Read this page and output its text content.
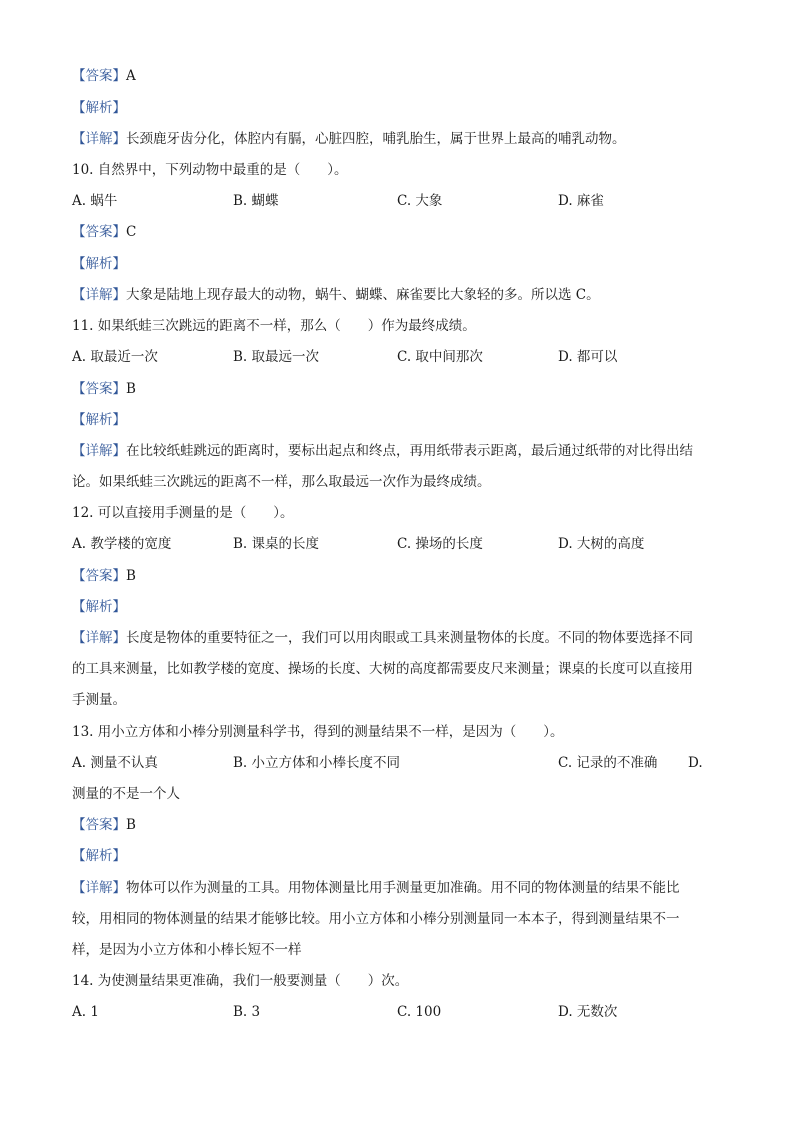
【答案】A
【解析】
【详解】长颈鹿牙齿分化，体腔内有膈，心脏四腔，哺乳胎生，属于世界上最高的哺乳动物。
10. 自然界中，下列动物中最重的是（　　）。
A. 蜗牛	B. 蝴蝶	C. 大象	D. 麻雀
【答案】C
【解析】
【详解】大象是陆地上现存最大的动物，蜗牛、蝴蝶、麻雀要比大象轻的多。所以选 C。
11. 如果纸蛙三次跳远的距离不一样，那么（　　）作为最终成绩。
A. 取最近一次	B. 取最远一次	C. 取中间那次	D. 都可以
【答案】B
【解析】
【详解】在比较纸蛙跳远的距离时，要标出起点和终点，再用纸带表示距离，最后通过纸带的对比得出结
论。如果纸蛙三次跳远的距离不一样，那么取最远一次作为最终成绩。
12. 可以直接用手测量的是（　　）。
A. 教学楼的宽度	B. 课桌的长度	C. 操场的长度	D. 大树的高度
【答案】B
【解析】
【详解】长度是物体的重要特征之一，我们可以用肉眼或工具来测量物体的长度。不同的物体要选择不同
的工具来测量，比如教学楼的宽度、操场的长度、大树的高度都需要皮尺来测量；课桌的长度可以直接用
手测量。
13. 用小立方体和小棒分别测量科学书，得到的测量结果不一样，是因为（　　）。
A. 测量不认真	B. 小立方体和小棒长度不同	C. 记录的不准确 D.
测量的不是一个人
【答案】B
【解析】
【详解】物体可以作为测量的工具。用物体测量比用手测量更加准确。用不同的物体测量的结果不能比
较，用相同的物体测量的结果才能够比较。用小立方体和小棒分别测量同一本本子，得到测量结果不一
样，是因为小立方体和小棒长短不一样
14. 为使测量结果更准确，我们一般要测量（　　）次。
A. 1	B. 3	C. 100	D. 无数次
